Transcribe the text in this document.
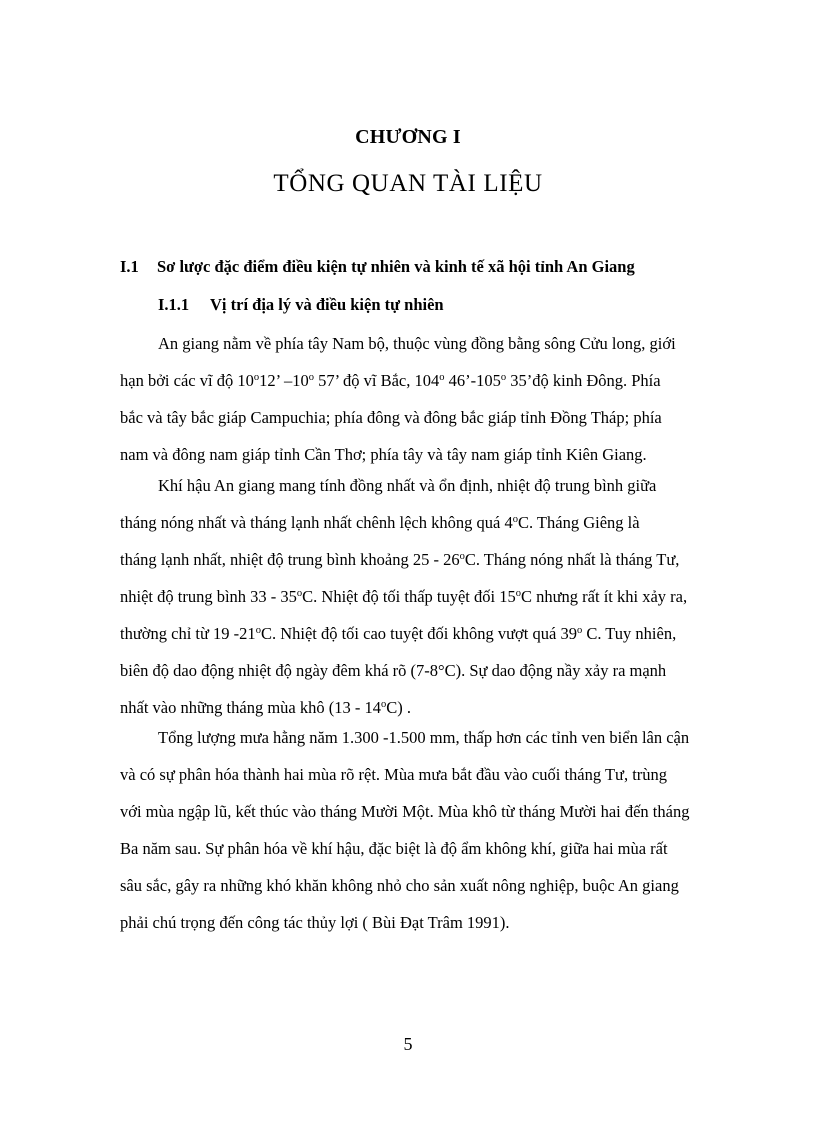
CHƯƠNG I
TỔNG QUAN TÀI LIỆU
I.1 Sơ lược đặc điểm điều kiện tự nhiên và kinh tế xã hội tỉnh An Giang
I.1.1 Vị trí địa lý và điều kiện tự nhiên
An giang nằm về phía tây Nam bộ, thuộc vùng đồng bằng sông Cửu long, giới
hạn bởi các vĩ độ 10$^o$12’ –10$^o$ 57’ độ vĩ Bắc, 104$^o$ 46’-105$^o$ 35’độ kinh Đông. Phía
bắc và tây bắc giáp Campuchia; phía đông và đông bắc giáp tỉnh Đồng Tháp; phía
nam và đông nam giáp tỉnh Cần Thơ; phía tây và tây nam giáp tỉnh Kiên Giang.
Khí hậu An giang mang tính đồng nhất và ổn định, nhiệt độ trung bình giữa
tháng nóng nhất và tháng lạnh nhất chênh lệch không quá 4$^o$C. Tháng Giêng là
tháng lạnh nhất, nhiệt độ trung bình khoảng 25 - 26$^o$C. Tháng nóng nhất là tháng Tư,
nhiệt độ trung bình 33 - 35$^o$C. Nhiệt độ tối thấp tuyệt đối 15$^o$C nhưng rất ít khi xảy ra,
thường chỉ từ 19 -21$^o$C. Nhiệt độ tối cao tuyệt đối không vượt quá 39$^o$ C. Tuy nhiên,
biên độ dao động nhiệt độ ngày đêm khá rõ (7-8°C). Sự dao động nầy xảy ra mạnh
nhất vào những tháng mùa khô (13 - 14$^o$C) .
Tổng lượng mưa hằng năm 1.300 -1.500 mm, thấp hơn các tỉnh ven biển lân cận
và có sự phân hóa thành hai mùa rõ rệt. Mùa mưa bắt đầu vào cuối tháng Tư, trùng
với mùa ngập lũ, kết thúc vào tháng Mười Một. Mùa khô từ tháng Mười hai đến tháng
Ba năm sau. Sự phân hóa về khí hậu, đặc biệt là độ ẩm không khí, giữa hai mùa rất
sâu sắc, gây ra những khó khăn không nhỏ cho sản xuất nông nghiệp, buộc An giang
phải chú trọng đến công tác thủy lợi ( Bùi Đạt Trâm 1991).
5
